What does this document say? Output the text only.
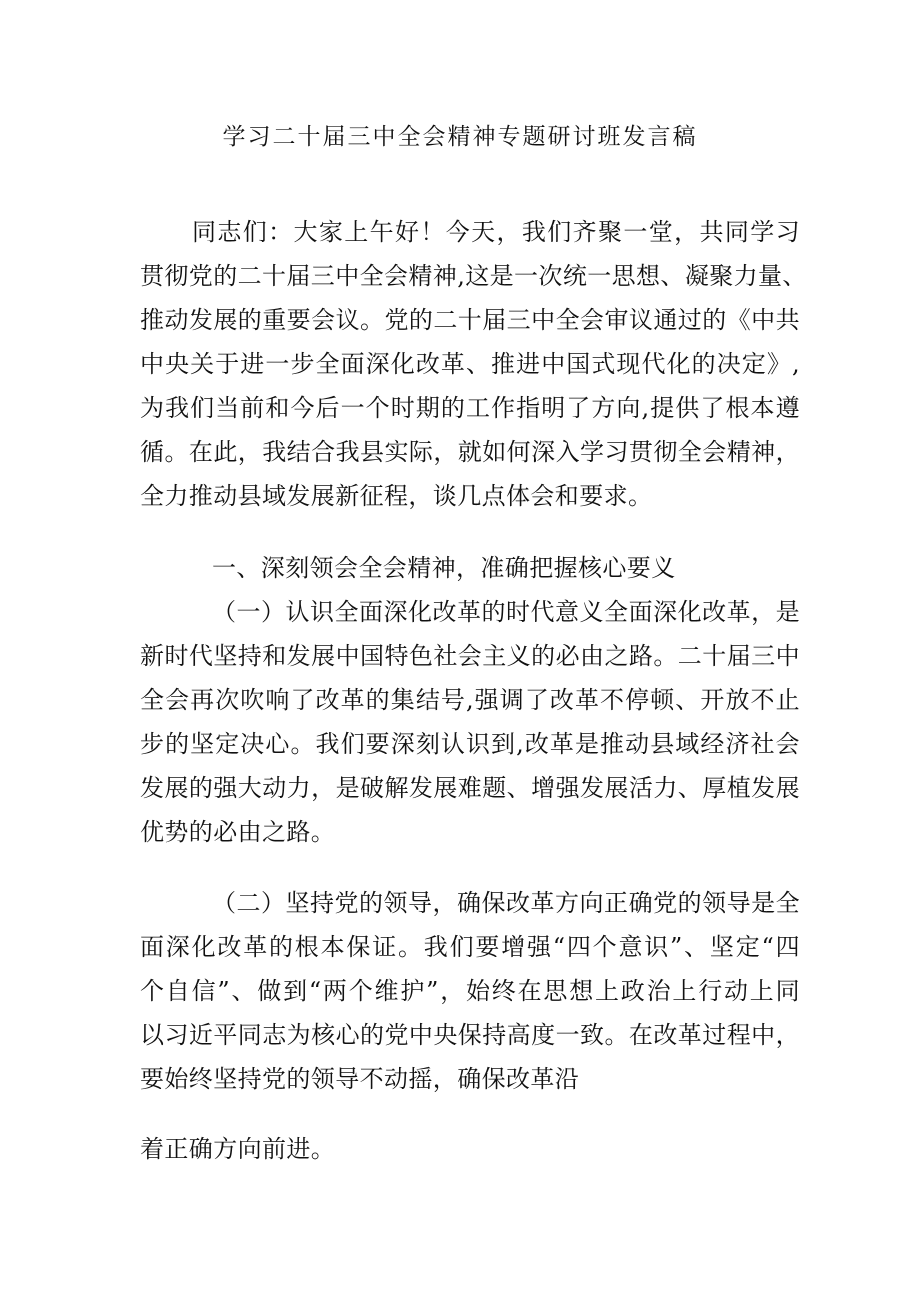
学习二十届三中全会精神专题研讨班发言稿
同志们：大家上午好！今天，我们齐聚一堂，共同学习
贯彻党的二十届三中全会精神,这是一次统一思想、凝聚力量、
推动发展的重要会议。党的二十届三中全会审议通过的《中共
中央关于进一步全面深化改革、推进中国式现代化的决定》,
为我们当前和今后一个时期的工作指明了方向,提供了根本遵
循。在此，我结合我县实际，就如何深入学习贯彻全会精神，
全力推动县域发展新征程，谈几点体会和要求。
一、深刻领会全会精神，准确把握核心要义
（一）认识全面深化改革的时代意义全面深化改革，是
新时代坚持和发展中国特色社会主义的必由之路。二十届三中
全会再次吹响了改革的集结号,强调了改革不停顿、开放不止
步的坚定决心。我们要深刻认识到,改革是推动县域经济社会
发展的强大动力，是破解发展难题、增强发展活力、厚植发展
优势的必由之路。
（二）坚持党的领导，确保改革方向正确党的领导是全
面深化改革的根本保证。我们要增强“四个意识”、坚定“四
个自信”、做到“两个维护”，始终在思想上政治上行动上同
以习近平同志为核心的党中央保持高度一致。在改革过程中，
要始终坚持党的领导不动摇，确保改革沿
着正确方向前进。
